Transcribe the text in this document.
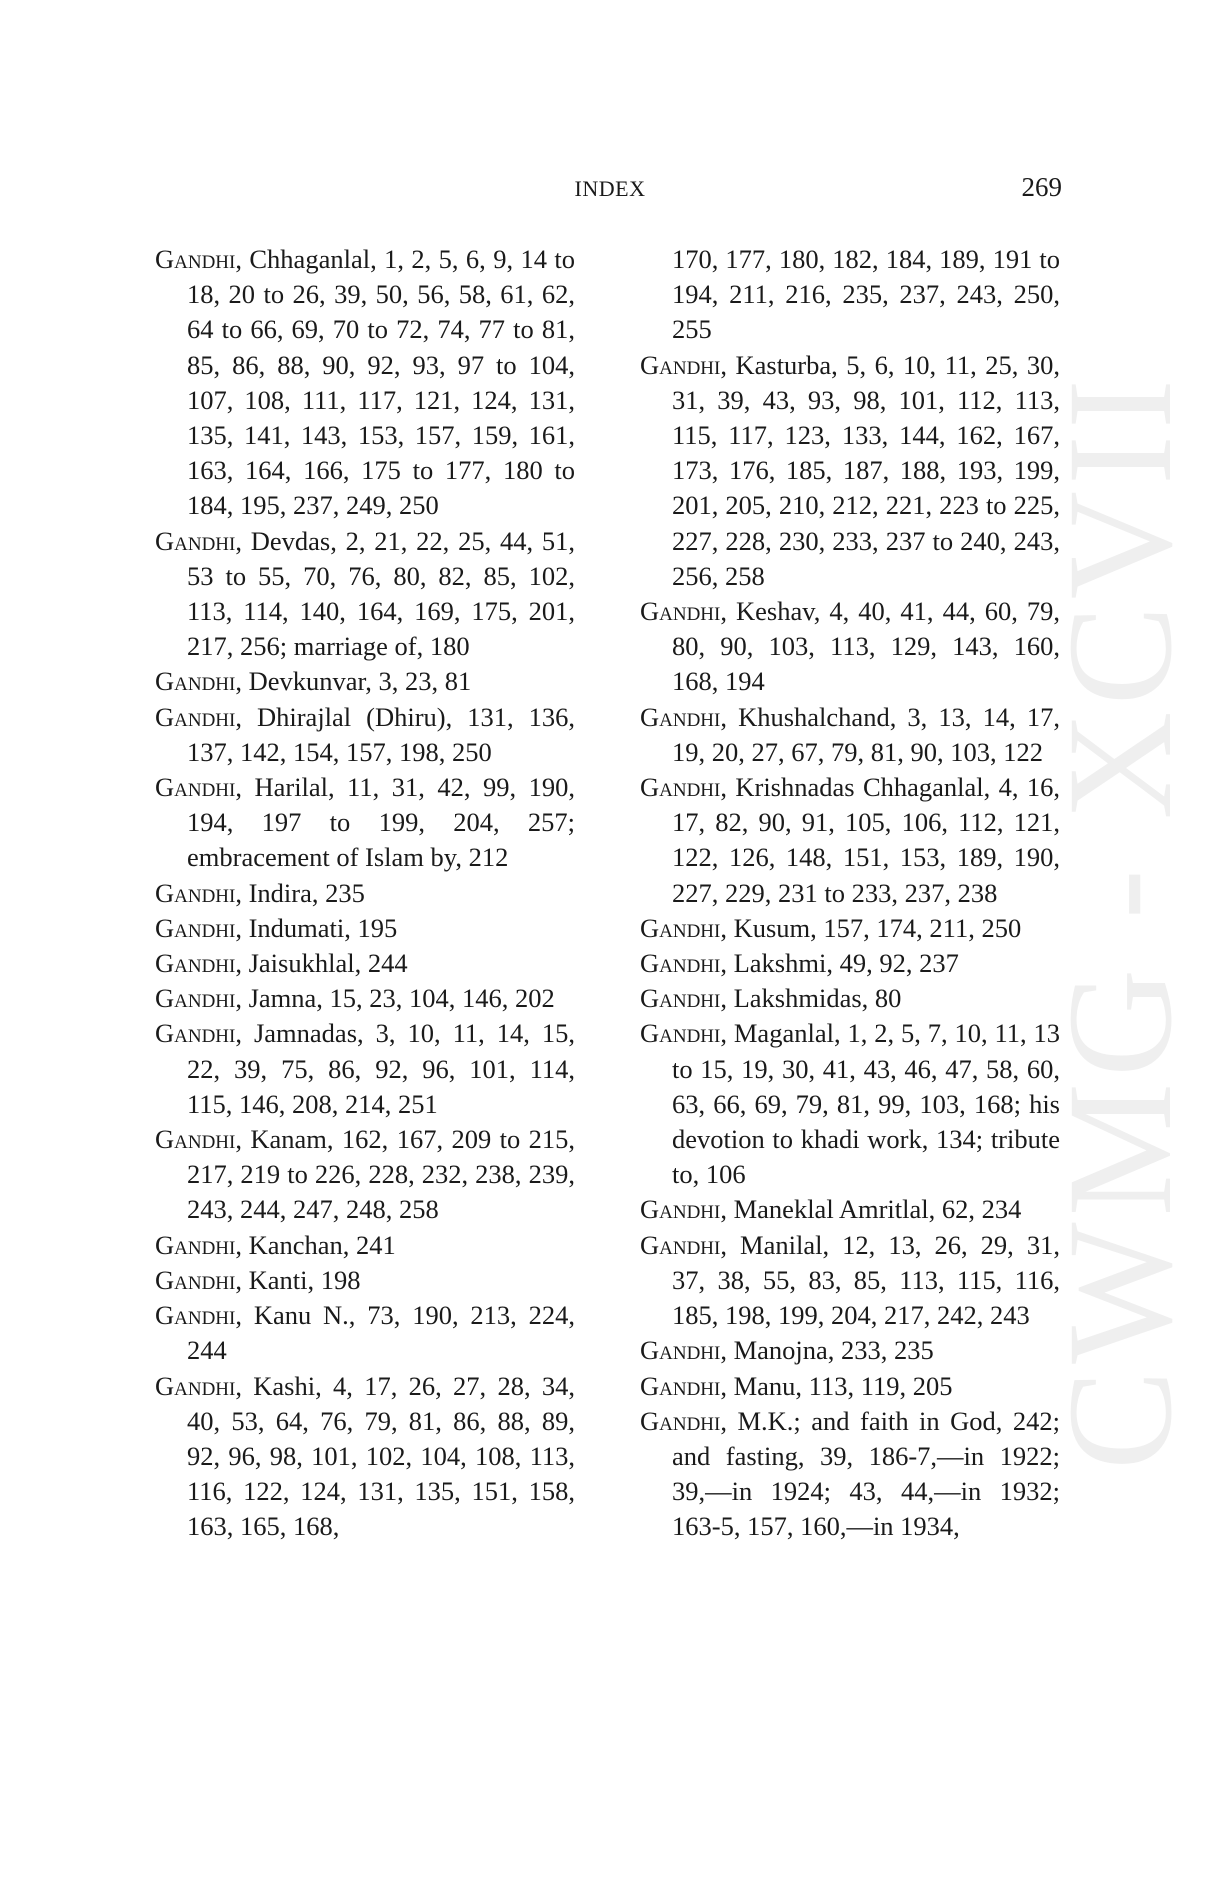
INDEX	269
CWMG - XCVII

Gandhi, Chhaganlal, 1, 2, 5, 6, 9, 14 to 18, 20 to 26, 39, 50, 56, 58, 61, 62, 64 to 66, 69, 70 to 72, 74, 77 to 81, 85, 86, 88, 90, 92, 93, 97 to 104, 107, 108, 111, 117, 121, 124, 131, 135, 141, 143, 153, 157, 159, 161, 163, 164, 166, 175 to 177, 180 to 184, 195, 237, 249, 250

Gandhi, Devdas, 2, 21, 22, 25, 44, 51, 53 to 55, 70, 76, 80, 82, 85, 102, 113, 114, 140, 164, 169, 175, 201, 217, 256; marriage of, 180

Gandhi, Devkunvar, 3, 23, 81

Gandhi, Dhirajlal (Dhiru), 131, 136, 137, 142, 154, 157, 198, 250

Gandhi, Harilal, 11, 31, 42, 99, 190, 194, 197 to 199, 204, 257; embracement of Islam by, 212

Gandhi, Indira, 235

Gandhi, Indumati, 195

Gandhi, Jaisukhlal, 244

Gandhi, Jamna, 15, 23, 104, 146, 202

Gandhi, Jamnadas, 3, 10, 11, 14, 15, 22, 39, 75, 86, 92, 96, 101, 114, 115, 146, 208, 214, 251

Gandhi, Kanam, 162, 167, 209 to 215, 217, 219 to 226, 228, 232, 238, 239, 243, 244, 247, 248, 258

Gandhi, Kanchan, 241

Gandhi, Kanti, 198

Gandhi, Kanu N., 73, 190, 213, 224, 244

Gandhi, Kashi, 4, 17, 26, 27, 28, 34, 40, 53, 64, 76, 79, 81, 86, 88, 89, 92, 96, 98, 101, 102, 104, 108, 113, 116, 122, 124, 131, 135, 151, 158, 163, 165, 168,

170, 177, 180, 182, 184, 189, 191 to 194, 211, 216, 235, 237, 243, 250, 255

Gandhi, Kasturba, 5, 6, 10, 11, 25, 30, 31, 39, 43, 93, 98, 101, 112, 113, 115, 117, 123, 133, 144, 162, 167, 173, 176, 185, 187, 188, 193, 199, 201, 205, 210, 212, 221, 223 to 225, 227, 228, 230, 233, 237 to 240, 243, 256, 258

Gandhi, Keshav, 4, 40, 41, 44, 60, 79, 80, 90, 103, 113, 129, 143, 160, 168, 194

Gandhi, Khushalchand, 3, 13, 14, 17, 19, 20, 27, 67, 79, 81, 90, 103, 122

Gandhi, Krishnadas Chhaganlal, 4, 16, 17, 82, 90, 91, 105, 106, 112, 121, 122, 126, 148, 151, 153, 189, 190, 227, 229, 231 to 233, 237, 238

Gandhi, Kusum, 157, 174, 211, 250

Gandhi, Lakshmi, 49, 92, 237

Gandhi, Lakshmidas, 80

Gandhi, Maganlal, 1, 2, 5, 7, 10, 11, 13 to 15, 19, 30, 41, 43, 46, 47, 58, 60, 63, 66, 69, 79, 81, 99, 103, 168; his devotion to khadi work, 134; tribute to, 106

Gandhi, Maneklal Amritlal, 62, 234

Gandhi, Manilal, 12, 13, 26, 29, 31, 37, 38, 55, 83, 85, 113, 115, 116, 185, 198, 199, 204, 217, 242, 243

Gandhi, Manojna, 233, 235

Gandhi, Manu, 113, 119, 205

Gandhi, M.K.; and faith in God, 242; and fasting, 39, 186-7,—in 1922; 39,—in 1924; 43, 44,—in 1932; 163-5, 157, 160,—in 1934,
